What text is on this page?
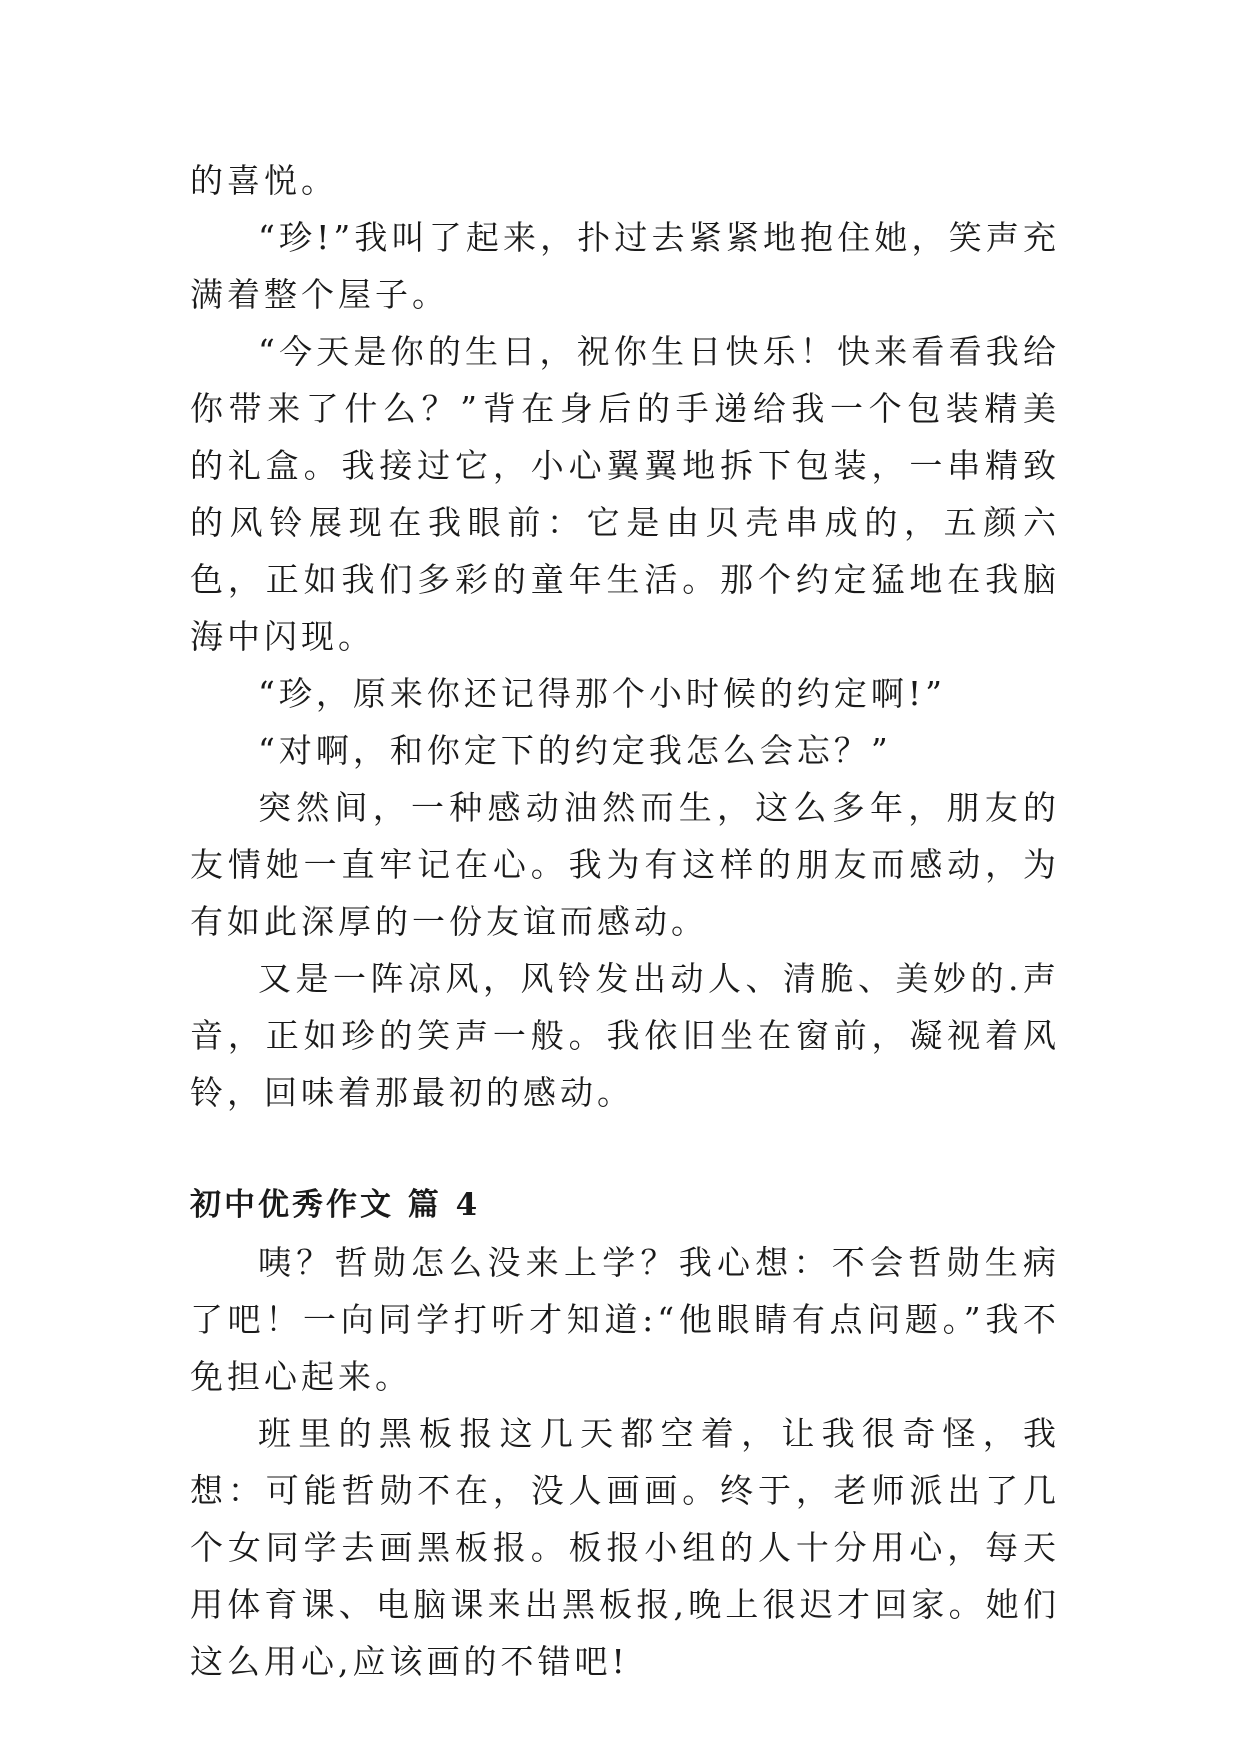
的喜悦。

“珍!”我叫了起来，扑过去紧紧地抱住她，笑声充满着整个屋子。

“今天是你的生日，祝你生日快乐！快来看看我给你带来了什么？”背在身后的手递给我一个包装精美的礼盒。我接过它，小心翼翼地拆下包装，一串精致的风铃展现在我眼前：它是由贝壳串成的，五颜六色，正如我们多彩的童年生活。那个约定猛地在我脑海中闪现。

“珍，原来你还记得那个小时候的约定啊!”

“对啊，和你定下的约定我怎么会忘？”

突然间，一种感动油然而生，这么多年，朋友的友情她一直牢记在心。我为有这样的朋友而感动，为有如此深厚的一份友谊而感动。

又是一阵凉风，风铃发出动人、清脆、美妙的.声音，正如珍的笑声一般。我依旧坐在窗前，凝视着风铃，回味着那最初的感动。

初中优秀作文 篇 4

咦？哲勋怎么没来上学？我心想：不会哲勋生病了吧！一向同学打听才知道:“他眼睛有点问题。”我不免担心起来。

班里的黑板报这几天都空着，让我很奇怪，我想：可能哲勋不在，没人画画。终于，老师派出了几个女同学去画黑板报。板报小组的人十分用心，每天用体育课、电脑课来出黑板报,晚上很迟才回家。她们这么用心,应该画的不错吧!
